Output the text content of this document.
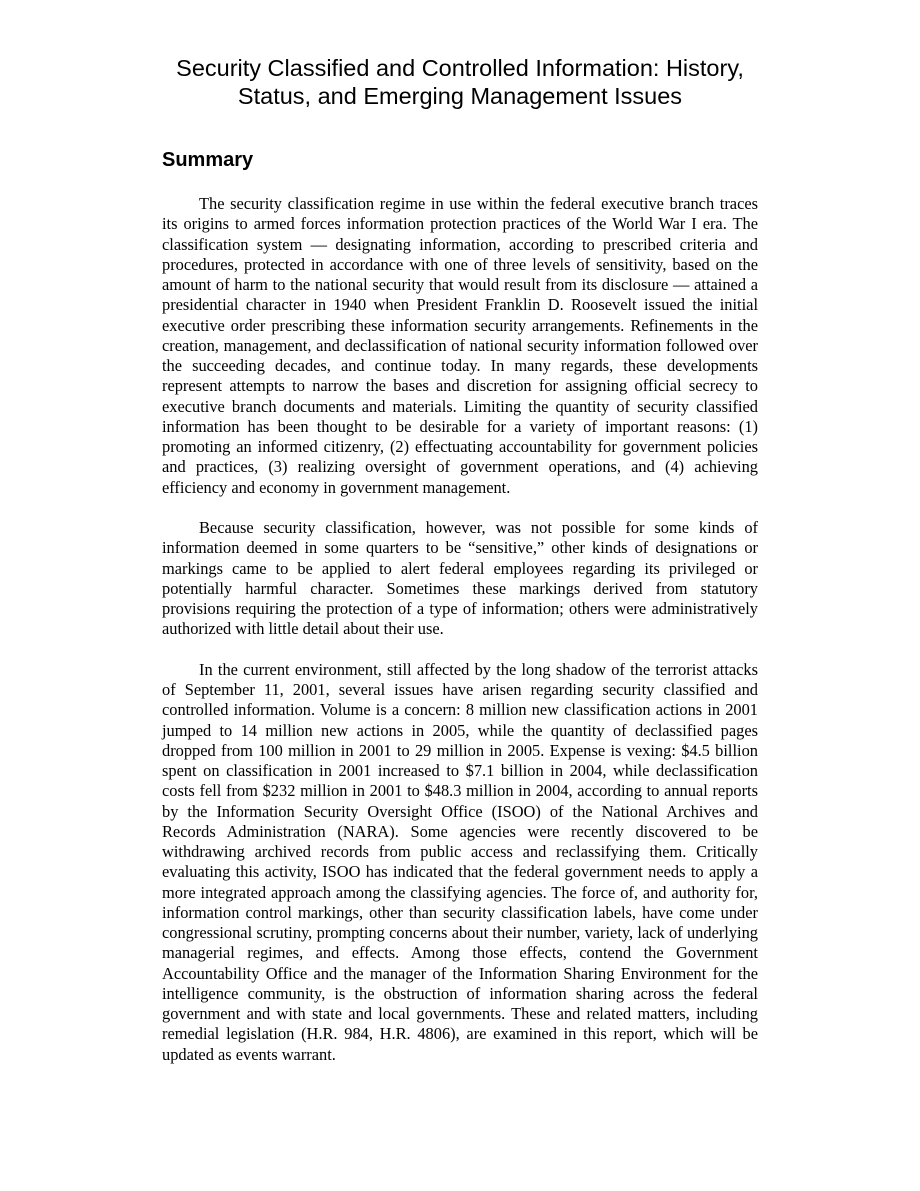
Security Classified and Controlled Information: History,
Status, and Emerging Management Issues
Summary

The security classification regime in use within the federal executive branch traces its origins to armed forces information protection practices of the World War I era. The classification system — designating information, according to prescribed criteria and procedures, protected in accordance with one of three levels of sensitivity, based on the amount of harm to the national security that would result from its disclosure — attained a presidential character in 1940 when President Franklin D. Roosevelt issued the initial executive order prescribing these information security arrangements. Refinements in the creation, management, and declassification of national security information followed over the succeeding decades, and continue today. In many regards, these developments represent attempts to narrow the bases and discretion for assigning official secrecy to executive branch documents and materials. Limiting the quantity of security classified information has been thought to be desirable for a variety of important reasons: (1) promoting an informed citizenry, (2) effectuating accountability for government policies and practices, (3) realizing oversight of government operations, and (4) achieving efficiency and economy in government management.

Because security classification, however, was not possible for some kinds of information deemed in some quarters to be “sensitive,” other kinds of designations or markings came to be applied to alert federal employees regarding its privileged or potentially harmful character. Sometimes these markings derived from statutory provisions requiring the protection of a type of information; others were administratively authorized with little detail about their use.

In the current environment, still affected by the long shadow of the terrorist attacks of September 11, 2001, several issues have arisen regarding security classified and controlled information. Volume is a concern: 8 million new classification actions in 2001 jumped to 14 million new actions in 2005, while the quantity of declassified pages dropped from 100 million in 2001 to 29 million in 2005. Expense is vexing: $4.5 billion spent on classification in 2001 increased to $7.1 billion in 2004, while declassification costs fell from $232 million in 2001 to $48.3 million in 2004, according to annual reports by the Information Security Oversight Office (ISOO) of the National Archives and Records Administration (NARA). Some agencies were recently discovered to be withdrawing archived records from public access and reclassifying them. Critically evaluating this activity, ISOO has indicated that the federal government needs to apply a more integrated approach among the classifying agencies. The force of, and authority for, information control markings, other than security classification labels, have come under congressional scrutiny, prompting concerns about their number, variety, lack of underlying managerial regimes, and effects. Among those effects, contend the Government Accountability Office and the manager of the Information Sharing Environment for the intelligence community, is the obstruction of information sharing across the federal government and with state and local governments. These and related matters, including remedial legislation (H.R. 984, H.R. 4806), are examined in this report, which will be updated as events warrant.
